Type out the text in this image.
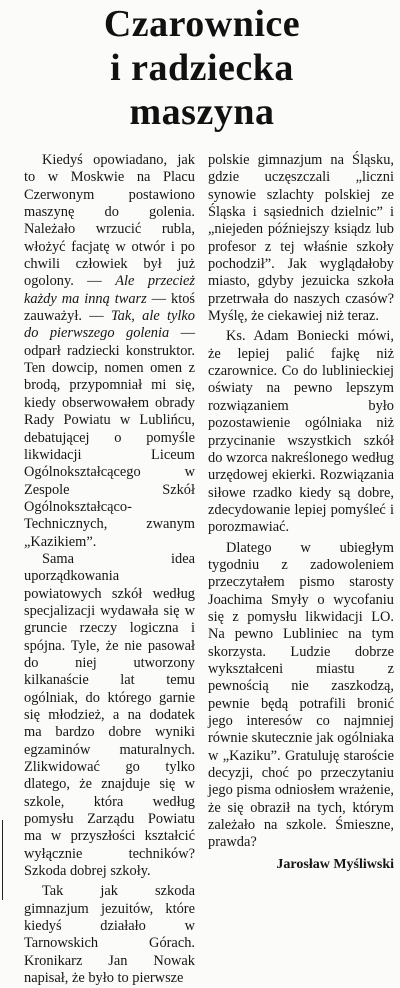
Czarownice
i radziecka
maszyna

Kiedyś opowiadano, jak to w Moskwie na Placu Czerwonym postawiono maszynę do golenia. Należało wrzucić rubla, włożyć facjatę w otwór i po chwili człowiek był już ogolony. — Ale przecież każdy ma inną twarz — ktoś zauważył. — Tak, ale tylko do pierwszego golenia — odparł radziecki konstruktor. Ten dowcip, nomen omen z brodą, przypomniał mi się, kiedy obserwowałem obrady Rady Powiatu w Lublińcu, debatującej o pomyśle likwidacji Liceum Ogólnokształcącego w Zespole Szkół Ogólnokształcąco-Technicznych, zwanym „Kazikiem”.

Sama idea uporządkowania powiatowych szkół według specjalizacji wydawała się w gruncie rzeczy logiczna i spójna. Tyle, że nie pasował do niej utworzony kilkanaście lat temu ogólniak, do którego garnie się młodzież, a na dodatek ma bardzo dobre wyniki egzaminów maturalnych. Zlikwidować go tylko dlatego, że znajduje się w szkole, która według pomysłu Zarządu Powiatu ma w przyszłości kształcić wyłącznie techników? Szkoda dobrej szkoły.

Tak jak szkoda gimnazjum jezuitów, które kiedyś działało w Tarnowskich Górach. Kronikarz Jan Nowak napisał, że było to pierwsze

polskie gimnazjum na Śląsku, gdzie uczęszczali „liczni synowie szlachty polskiej ze Śląska i sąsiednich dzielnic” i „niejeden późniejszy ksiądz lub profesor z tej właśnie szkoły pochodził”. Jak wyglądałoby miasto, gdyby jezuicka szkoła przetrwała do naszych czasów? Myślę, że ciekawiej niż teraz.

Ks. Adam Boniecki mówi, że lepiej palić fajkę niż czarownice. Co do lublinieckiej oświaty na pewno lepszym rozwiązaniem było pozostawienie ogólniaka niż przycinanie wszystkich szkół do wzorca nakreślonego według urzędowej ekierki. Rozwiązania siłowe rzadko kiedy są dobre, zdecydowanie lepiej pomyśleć i porozmawiać.

Dlatego w ubiegłym tygodniu z zadowoleniem przeczytałem pismo starosty Joachima Smyły o wycofaniu się z pomysłu likwidacji LO. Na pewno Lubliniec na tym skorzysta. Ludzie dobrze wykształceni miastu z pewnością nie zaszkodzą, pewnie będą potrafili bronić jego interesów co najmniej równie skutecznie jak ogólniaka w „Kaziku”. Gratuluję staroście decyzji, choć po przeczytaniu jego pisma odniosłem wrażenie, że się obraził na tych, którym zależało na szkole. Śmieszne, prawda?

Jarosław Myśliwski
